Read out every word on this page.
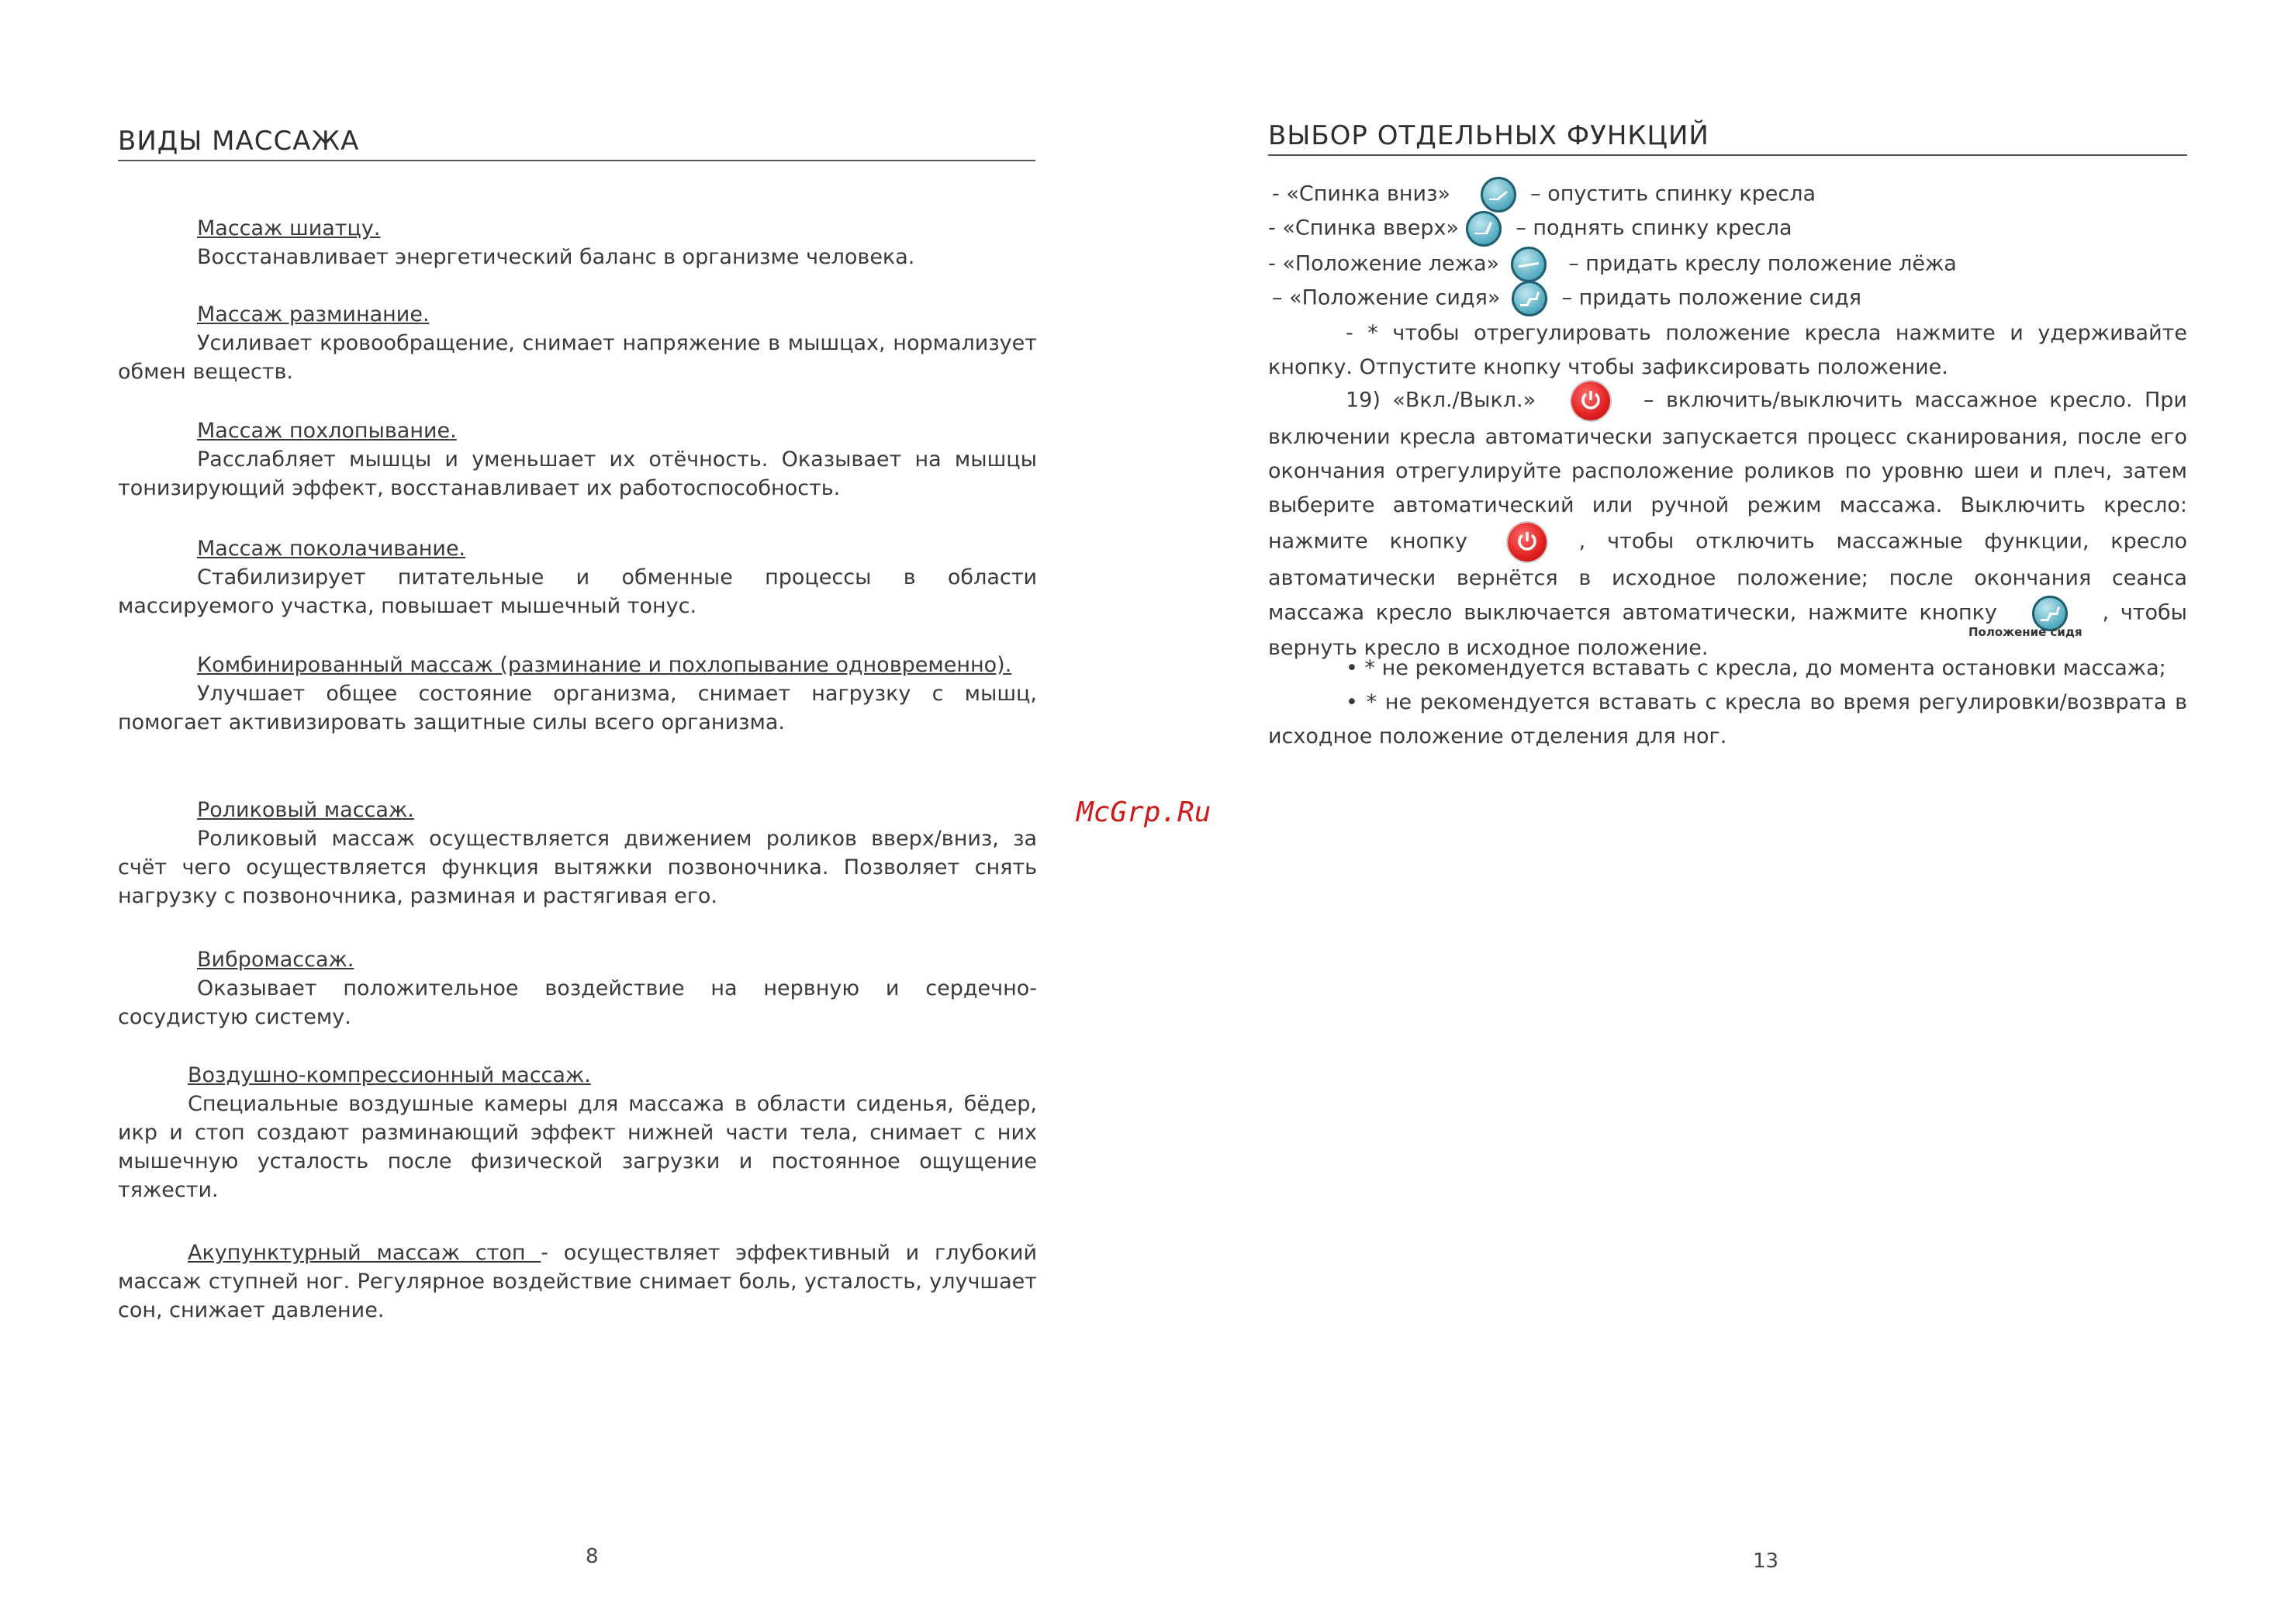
ВИДЫ МАССАЖА
Массаж шиатцу.

Восстанавливает энергетический баланс в организме человека.

Массаж разминание.

Усиливает кровообращение, снимает напряжение в мышцах, нормализует обмен веществ.

Массаж похлопывание.

Расслабляет мышцы и уменьшает их отёчность. Оказывает на мышцы тонизирующий эффект, восстанавливает их работоспособность.

Массаж поколачивание.

Стабилизирует питательные и обменные процессы в области массируемого участка, повышает мышечный тонус.

Комбинированный массаж (разминание и похлопывание одновременно).

Улучшает общее состояние организма, снимает нагрузку с мышц, помогает активизировать защитные силы всего организма.

Роликовый массаж.

Роликовый массаж осуществляется движением роликов вверх/вниз, за счёт чего осуществляется функция вытяжки позвоночника. Позволяет снять нагрузку с позвоночника, разминая и растягивая его.

Вибромассаж.

Оказывает положительное воздействие на нервную и сердечно-сосудистую систему.

Воздушно-компрессионный массаж.

Специальные воздушные камеры для массажа в области сиденья, бёдер, икр и стоп создают разминающий эффект нижней части тела, снимает с них мышечную усталость после физической загрузки и постоянное ощущение тяжести.

Акупунктурный массаж стоп - осуществляет эффективный и глубокий массаж ступней ног. Регулярное воздействие снимает боль, усталость, улучшает сон, снижает давление.

8
McGrp.Ru
ВЫБОР ОТДЕЛЬНЫХ ФУНКЦИЙ
- «Спинка вниз»	– опустить спинку кресла
- «Спинка вверх»	– поднять спинку кресла
- «Положение лежа»	– придать креслу положение лёжа
– «Положение сидя»	– придать положение сидя

- * чтобы отрегулировать положение кресла нажмите и удерживайте кнопку. Отпустите кнопку чтобы зафиксировать положение.

19) «Вкл./Выкл.»	– включить/выключить массажное кресло. При включении кресла автоматически запускается процесс сканирования, после его окончания отрегулируйте расположение роликов по уровню шеи и плеч, затем выберите автоматический или ручной режим массажа. Выключить кресло: нажмите кнопку	, чтобы отключить массажные функции, кресло автоматически вернётся в исходное положение; после окончания сеанса массажа кресло выключается автоматически, нажмите кнопку	, чтобы вернуть кресло в исходное положение.

Положение сидя

• * не рекомендуется вставать с кресла, до момента остановки массажа;

• * не рекомендуется вставать с кресла во время регулировки/возврата в исходное положение отделения для ног.

13
